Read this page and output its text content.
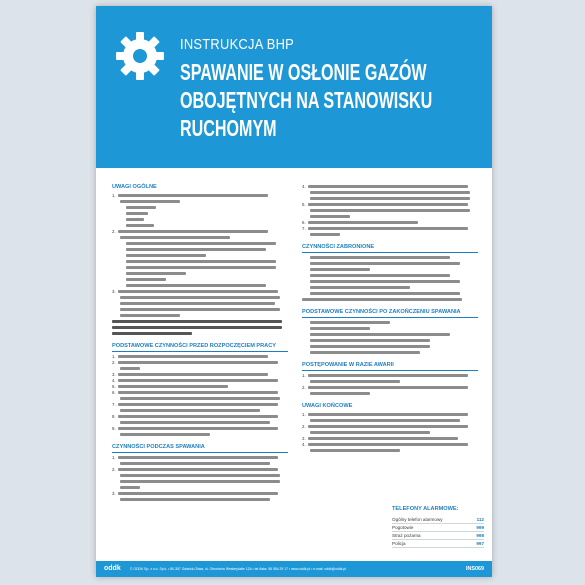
INSTRUKCJA BHP
SPAWANIE W OSŁONIE GAZÓW
OBOJĘTNYCH NA STANOWISKU
RUCHOMYM
UWAGI OGÓLNE
1.
2.
3.
PODSTAWOWE CZYNNOŚCI PRZED ROZPOCZĘCIEM PRACY
1.
2.
3.
4.
5.
6.
7.
8.
9.
CZYNNOŚCI PODCZAS SPAWANIA
1.
2.
3.
4.
5.
6.
7.
CZYNNOŚCI ZABRONIONE
PODSTAWOWE CZYNNOŚCI PO ZAKOŃCZENIU SPAWANIA
POSTĘPOWANIE W RAZIE AWARII
1.
2.
UWAGI KOŃCOWE
1.
2.
3.
4.
TELEFONY ALARMOWE:
Ogólny telefon alarmowy	112
Pogotowie	999
Straż pożarna	998
Policja	997
oddk	© ODDK Sp. z o.o. Sp.k. • 80-357 Gdańsk-Oliwa, ul. Obrońców Westerplatte 12A • tel./faks: 58 554 29 17 • www.oddk.pl • e-mail: oddk@oddk.pl	INS069
